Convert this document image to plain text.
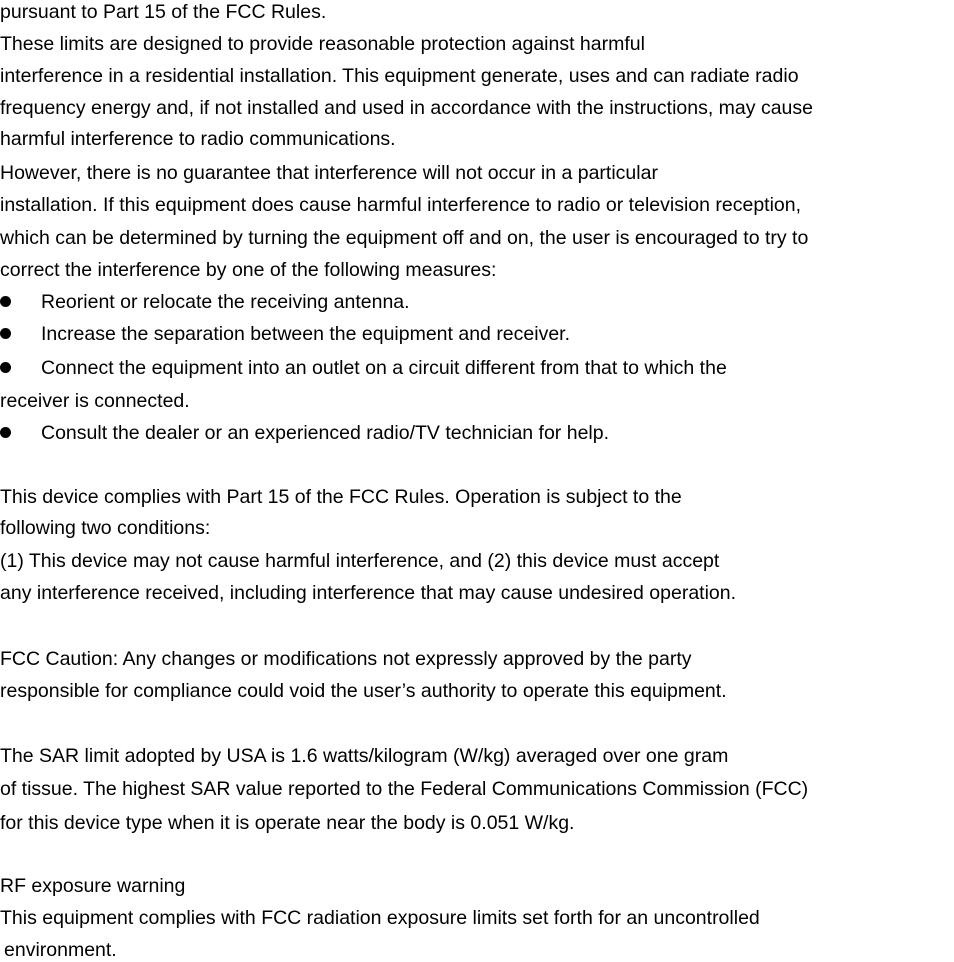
pursuant to Part 15 of the FCC Rules.
These limits are designed to provide reasonable protection against harmful
interference in a residential installation. This equipment generate, uses and can radiate radio
frequency energy and, if not installed and used in accordance with the instructions, may cause
harmful interference to radio communications.
However, there is no guarantee that interference will not occur in a particular
installation. If this equipment does cause harmful interference to radio or television reception,
which can be determined by turning the equipment off and on, the user is encouraged to try to
correct the interference by one of the following measures:
Reorient or relocate the receiving antenna.
Increase the separation between the equipment and receiver.
Connect the equipment into an outlet on a circuit different from that to which the
receiver is connected.
Consult the dealer or an experienced radio/TV technician for help.
This device complies with Part 15 of the FCC Rules. Operation is subject to the
following two conditions:
(1) This device may not cause harmful interference, and (2) this device must accept
any interference received, including interference that may cause undesired operation.
FCC Caution: Any changes or modifications not expressly approved by the party
responsible for compliance could void the user’s authority to operate this equipment.
The SAR limit adopted by USA is 1.6 watts/kilogram (W/kg) averaged over one gram
of tissue. The highest SAR value reported to the Federal Communications Commission (FCC)
for this device type when it is operate near the body is 0.051 W/kg.
RF exposure warning
This equipment complies with FCC radiation exposure limits set forth for an uncontrolled
environment.
